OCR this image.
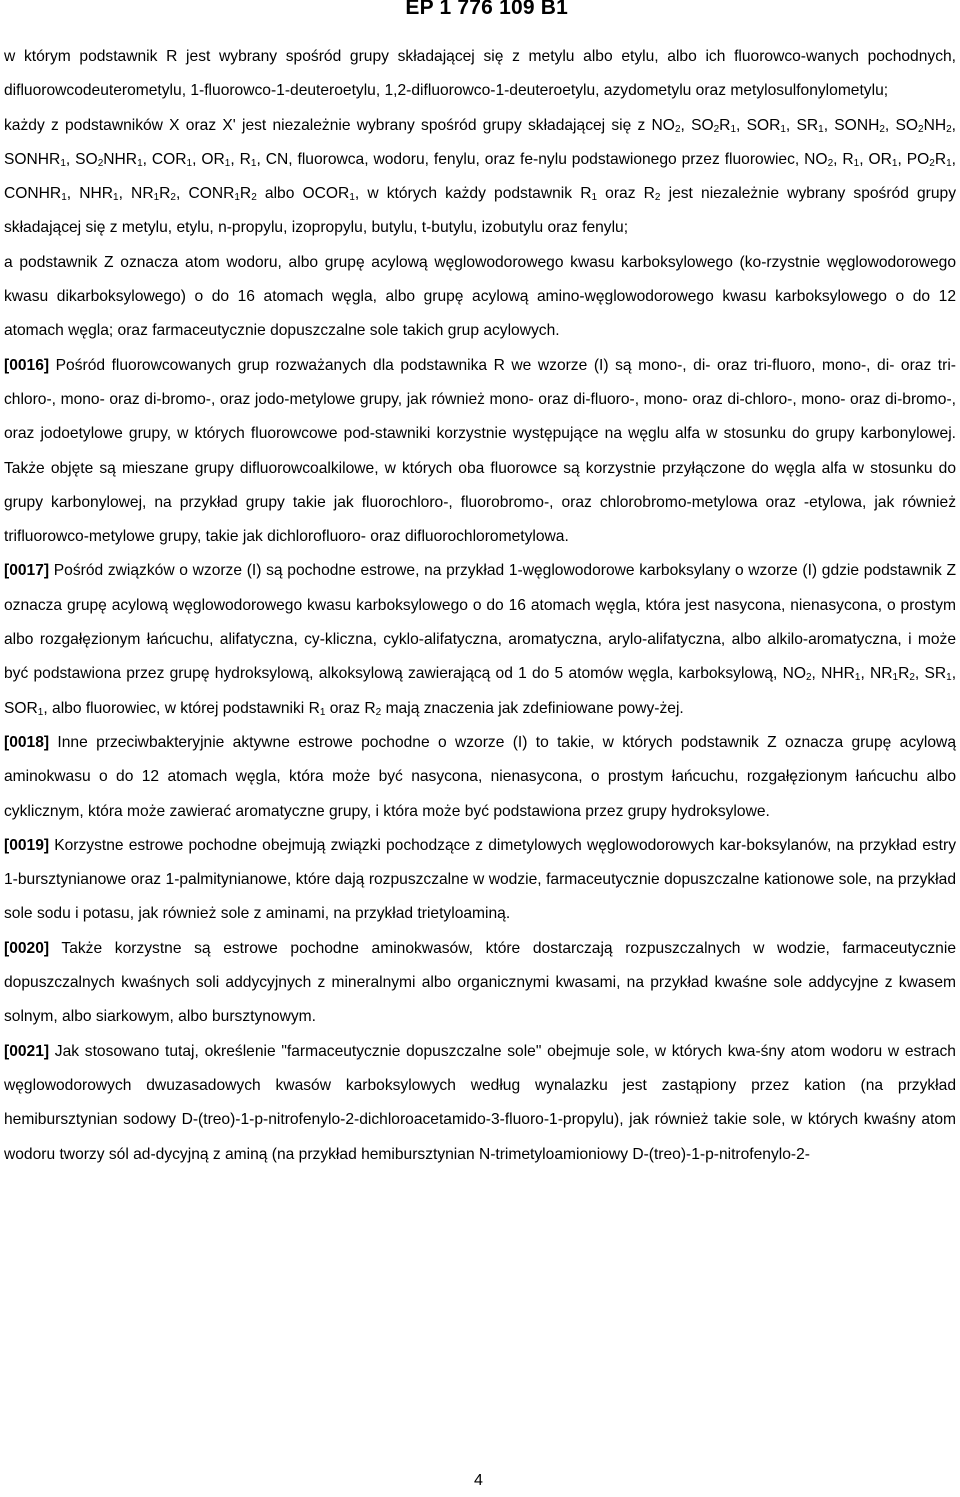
EP 1 776 109 B1

w którym podstawnik R jest wybrany spośród grupy składającej się z metylu albo etylu, albo ich fluorowco-wanych pochodnych, difluorowcodeuterometylu, 1-fluorowco-1-deuteroetylu, 1,2-difluorowco-1-deuteroetylu, azydometylu oraz metylosulfonylometylu;

każdy z podstawników X oraz X' jest niezależnie wybrany spośród grupy składającej się z $NO_2$, $SO_2R_1$, $SOR_1$, $SR_1$, $SONH_2$, $SO_2NH_2$, $SONHR_1$, $SO_2NHR_1$, $COR_1$, $OR_1$, $R_1$, CN, fluorowca, wodoru, fenylu, oraz fe-nylu podstawionego przez fluorowiec, $NO_2$, $R_1$, $OR_1$, $PO_2R_1$, $CONHR_1$, $NHR_1$, $NR_1R_2$, $CONR_1R_2$ albo $OCOR_1$, w których każdy podstawnik $R_1$ oraz $R_2$ jest niezależnie wybrany spośród grupy składającej się z metylu, etylu, n-propylu, izopropylu, butylu, t-butylu, izobutylu oraz fenylu;

a podstawnik Z oznacza atom wodoru, albo grupę acylową węglowodorowego kwasu karboksylowego (ko-rzystnie węglowodorowego kwasu dikarboksylowego) o do 16 atomach węgla, albo grupę acylową amino-węglowodorowego kwasu karboksylowego o do 12 atomach węgla; oraz farmaceutycznie dopuszczalne sole takich grup acylowych.

[0016] Pośród fluorowcowanych grup rozważanych dla podstawnika R we wzorze (I) są mono-, di- oraz tri-fluoro, mono-, di- oraz tri-chloro-, mono- oraz di-bromo-, oraz jodo-metylowe grupy, jak również mono- oraz di-fluoro-, mono- oraz di-chloro-, mono- oraz di-bromo-, oraz jodoetylowe grupy, w których fluorowcowe pod-stawniki korzystnie występujące na węglu alfa w stosunku do grupy karbonylowej. Także objęte są mieszane grupy difluorowcoalkilowe, w których oba fluorowce są korzystnie przyłączone do węgla alfa w stosunku do grupy karbonylowej, na przykład grupy takie jak fluorochloro-, fluorobromo-, oraz chlorobromo-metylowa oraz -etylowa, jak również trifluorowco-metylowe grupy, takie jak dichlorofluoro- oraz difluorochlorometylowa.

[0017] Pośród związków o wzorze (I) są pochodne estrowe, na przykład 1-węglowodorowe karboksylany o wzorze (I) gdzie podstawnik Z oznacza grupę acylową węglowodorowego kwasu karboksylowego o do 16 atomach węgla, która jest nasycona, nienasycona, o prostym albo rozgałęzionym łańcuchu, alifatyczna, cy-kliczna, cyklo-alifatyczna, aromatyczna, arylo-alifatyczna, albo alkilo-aromatyczna, i może być podstawiona przez grupę hydroksylową, alkoksylową zawierającą od 1 do 5 atomów węgla, karboksylową, $NO_2$, $NHR_1$, $NR_1R_2$, $SR_1$, $SOR_1$, albo fluorowiec, w której podstawniki $R_1$ oraz $R_2$ mają znaczenia jak zdefiniowane powy-żej.

[0018] Inne przeciwbakteryjnie aktywne estrowe pochodne o wzorze (I) to takie, w których podstawnik Z oznacza grupę acylową aminokwasu o do 12 atomach węgla, która może być nasycona, nienasycona, o prostym łańcuchu, rozgałęzionym łańcuchu albo cyklicznym, która może zawierać aromatyczne grupy, i która może być podstawiona przez grupy hydroksylowe.

[0019] Korzystne estrowe pochodne obejmują związki pochodzące z dimetylowych węglowodorowych kar-boksylanów, na przykład estry 1-bursztynianowe oraz 1-palmitynianowe, które dają rozpuszczalne w wodzie, farmaceutycznie dopuszczalne kationowe sole, na przykład sole sodu i potasu, jak również sole z aminami, na przykład trietyloaminą.

[0020] Także korzystne są estrowe pochodne aminokwasów, które dostarczają rozpuszczalnych w wodzie, farmaceutycznie dopuszczalnych kwaśnych soli addycyjnych z mineralnymi albo organicznymi kwasami, na przykład kwaśne sole addycyjne z kwasem solnym, albo siarkowym, albo bursztynowym.

[0021] Jak stosowano tutaj, określenie "farmaceutycznie dopuszczalne sole" obejmuje sole, w których kwa-śny atom wodoru w estrach węglowodorowych dwuzasadowych kwasów karboksylowych według wynalazku jest zastąpiony przez kation (na przykład hemibursztynian sodowy D-(treo)-1-p-nitrofenylo-2-dichloroacetamido-3-fluoro-1-propylu), jak również takie sole, w których kwaśny atom wodoru tworzy sól ad-dycyjną z aminą (na przykład hemibursztynian N-trimetyloamioniowy D-(treo)-1-p-nitrofenylo-2-

4
